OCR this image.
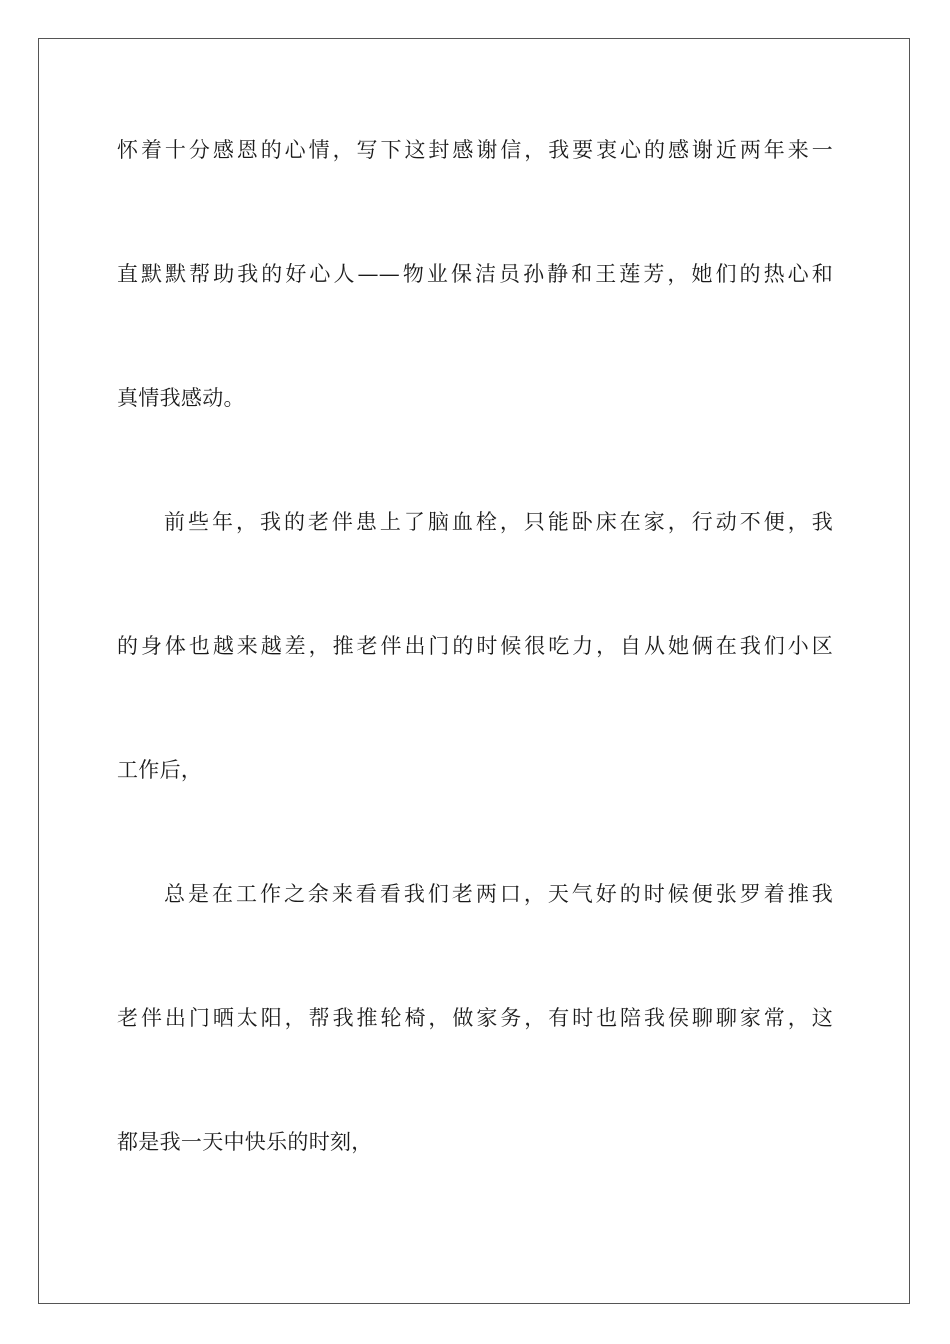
怀着十分感恩的心情，写下这封感谢信，我要衷心的感谢近两年来一
直默默帮助我的好心人——物业保洁员孙静和王莲芳，她们的热心和
真情我感动。
前些年，我的老伴患上了脑血栓，只能卧床在家，行动不便，我
的身体也越来越差，推老伴出门的时候很吃力，自从她俩在我们小区
工作后，
总是在工作之余来看看我们老两口，天气好的时候便张罗着推我
老伴出门晒太阳，帮我推轮椅，做家务，有时也陪我侯聊聊家常，这
都是我一天中快乐的时刻，
